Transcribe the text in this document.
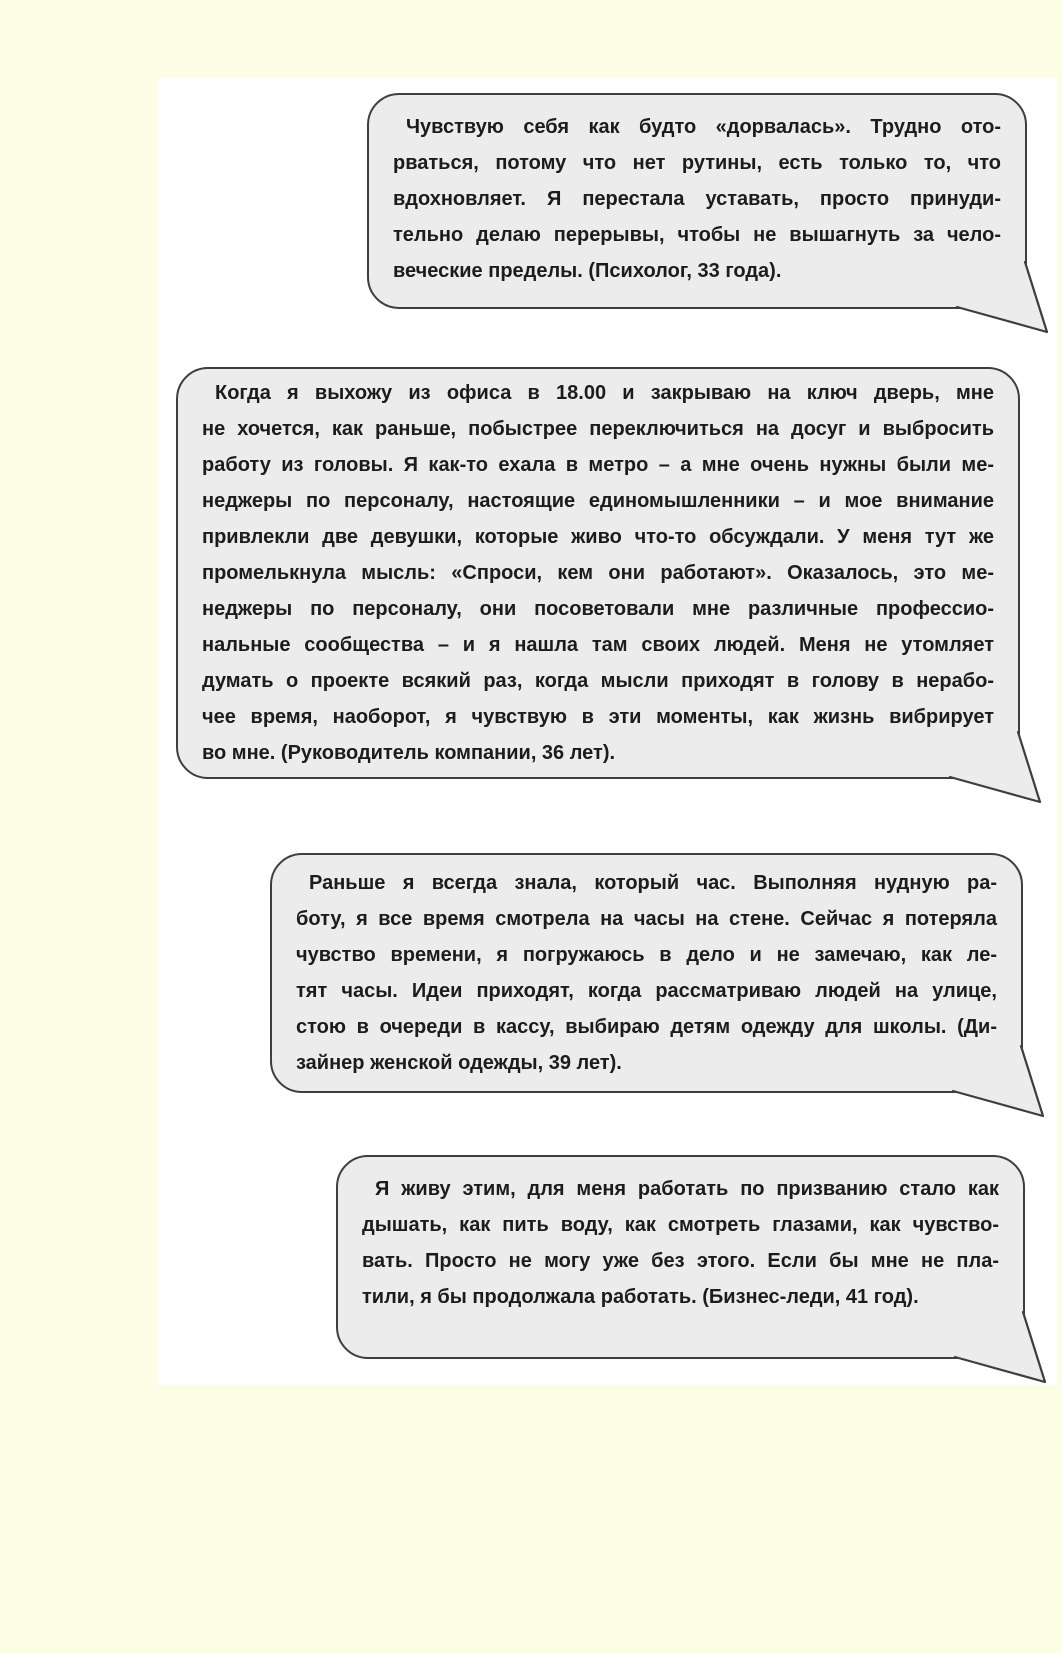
Чувствую себя как будто «дорвалась». Трудно ото-
рваться, потому что нет рутины, есть только то, что
вдохновляет. Я перестала уставать, просто принуди-
тельно делаю перерывы, чтобы не вышагнуть за чело-
веческие пределы. (Психолог, 33 года).
Когда я выхожу из офиса в 18.00 и закрываю на ключ дверь, мне
не хочется, как раньше, побыстрее переключиться на досуг и выбросить
работу из головы. Я как-то ехала в метро – а мне очень нужны были ме-
неджеры по персоналу, настоящие единомышленники – и мое внимание
привлекли две девушки, которые живо что-то обсуждали. У меня тут же
промелькнула мысль: «Спроси, кем они работают». Оказалось, это ме-
неджеры по персоналу, они посоветовали мне различные профессио-
нальные сообщества – и я нашла там своих людей. Меня не утомляет
думать о проекте всякий раз, когда мысли приходят в голову в нерабо-
чее время, наоборот, я чувствую в эти моменты, как жизнь вибрирует
во мне. (Руководитель компании, 36 лет).
Раньше я всегда знала, который час. Выполняя нудную ра-
боту, я все время смотрела на часы на стене. Сейчас я потеряла
чувство времени, я погружаюсь в дело и не замечаю, как ле-
тят часы. Идеи приходят, когда рассматриваю людей на улице,
стою в очереди в кассу, выбираю детям одежду для школы. (Ди-
зайнер женской одежды, 39 лет).
Я живу этим, для меня работать по призванию стало как
дышать, как пить воду, как смотреть глазами, как чувство-
вать. Просто не могу уже без этого. Если бы мне не пла-
тили, я бы продолжала работать. (Бизнес-леди, 41 год).
